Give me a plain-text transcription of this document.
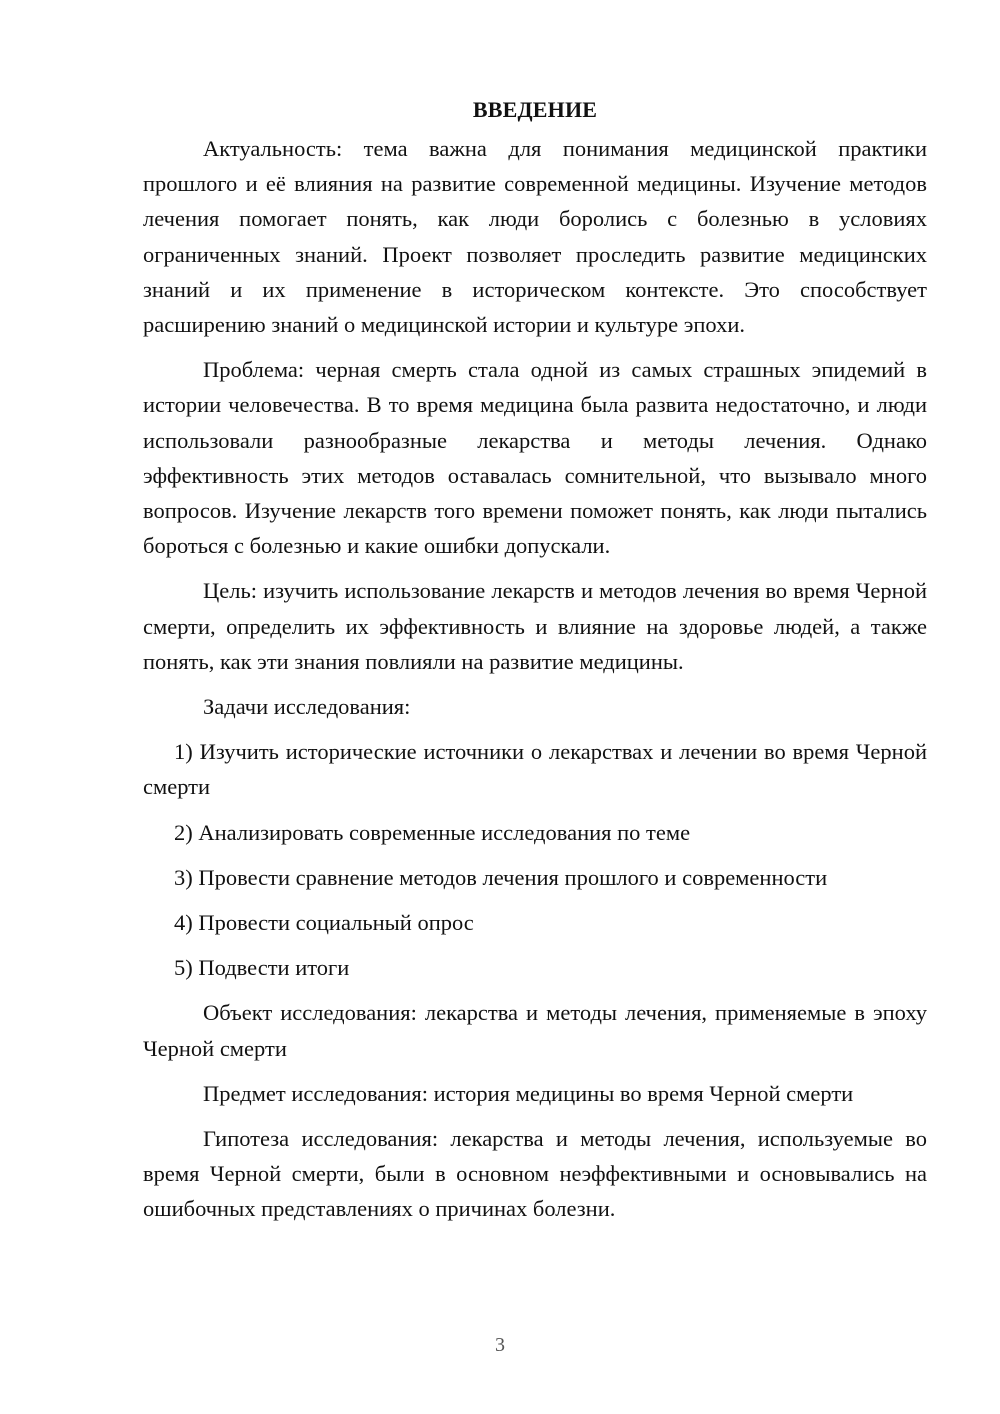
ВВЕДЕНИЕ

Актуальность: тема важна для понимания медицинской практики прошлого и её влияния на развитие современной медицины. Изучение методов лечения помогает понять, как люди боролись с болезнью в условиях ограниченных знаний. Проект позволяет проследить развитие медицинских знаний и их применение в историческом контексте. Это способствует расширению знаний о медицинской истории и культуре эпохи.

Проблема: черная смерть стала одной из самых страшных эпидемий в истории человечества. В то время медицина была развита недостаточно, и люди использовали разнообразные лекарства и методы лечения. Однако эффективность этих методов оставалась сомнительной, что вызывало много вопросов. Изучение лекарств того времени поможет понять, как люди пытались бороться с болезнью и какие ошибки допускали.

Цель: изучить использование лекарств и методов лечения во время Черной смерти, определить их эффективность и влияние на здоровье людей, а также понять, как эти знания повлияли на развитие медицины.

Задачи исследования:

1) Изучить исторические источники о лекарствах и лечении во время Черной смерти

2) Анализировать современные исследования по теме

3) Провести сравнение методов лечения прошлого и современности

4) Провести социальный опрос

5) Подвести итоги

Объект исследования: лекарства и методы лечения, применяемые в эпоху Черной смерти

Предмет исследования: история медицины во время Черной смерти

Гипотеза исследования: лекарства и методы лечения, используемые во время Черной смерти, были в основном неэффективными и основывались на ошибочных представлениях о причинах болезни.

3
